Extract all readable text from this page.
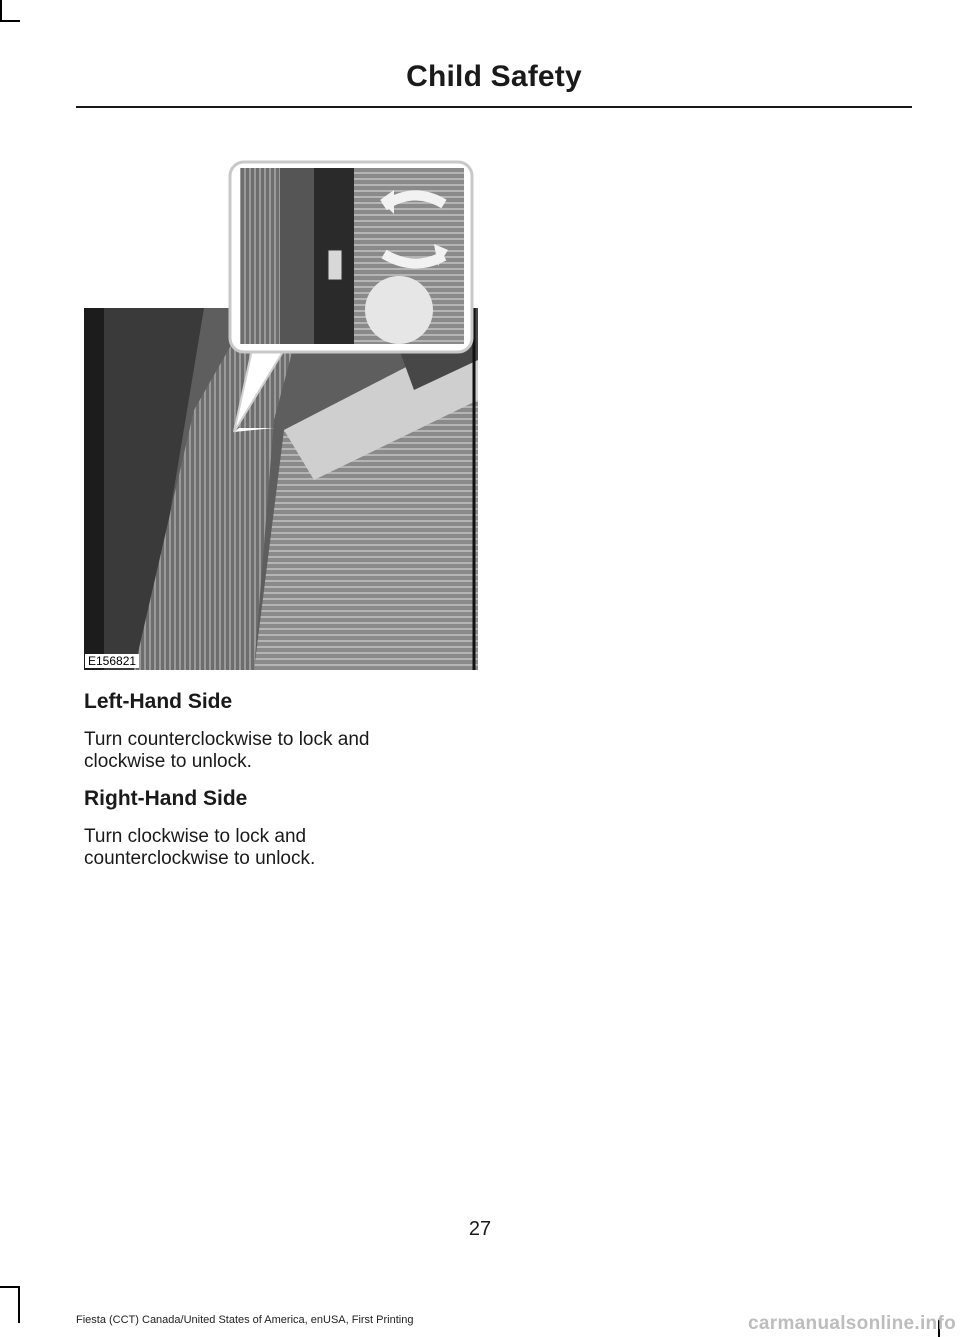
Child Safety
E156821
Left-Hand Side
Turn counterclockwise to lock and clockwise to unlock.
Right-Hand Side
Turn clockwise to lock and counterclockwise to unlock.
27
Fiesta (CCT) Canada/United States of America, enUSA, First Printing	carmanualsonline.info
